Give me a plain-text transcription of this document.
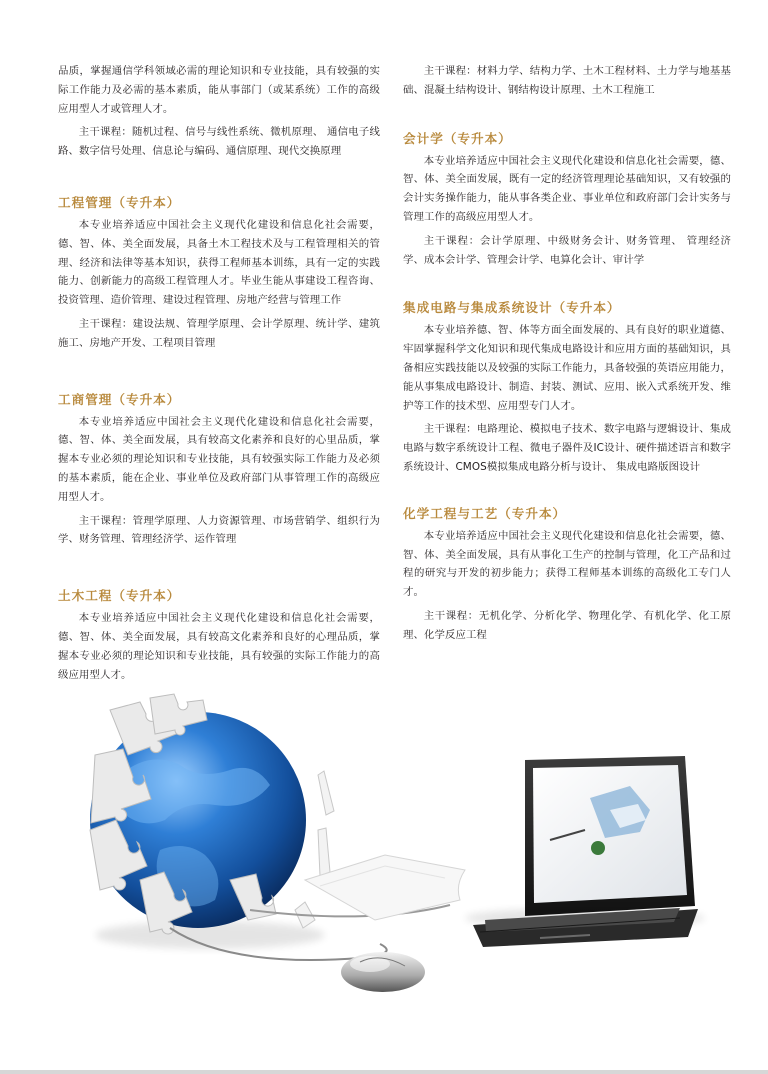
品质，掌握通信学科领域必需的理论知识和专业技能，具有较强的实际工作能力及必需的基本素质，能从事部门（或某系统）工作的高级应用型人才或管理人才。

主干课程：随机过程、信号与线性系统、微机原理、 通信电子线路、数字信号处理、信息论与编码、通信原理、现代交换原理

工程管理（专升本）

本专业培养适应中国社会主义现代化建设和信息化社会需要，德、智、体、美全面发展，具备土木工程技术及与工程管理相关的管理、经济和法律等基本知识，获得工程师基本训练，具有一定的实践能力、创新能力的高级工程管理人才。毕业生能从事建设工程咨询、投资管理、造价管理、建设过程管理、房地产经营与管理工作

主干课程：建设法规、管理学原理、会计学原理、统计学、建筑施工、房地产开发、工程项目管理

工商管理（专升本）

本专业培养适应中国社会主义现代化建设和信息化社会需要，德、智、体、美全面发展，具有较高文化素养和良好的心里品质，掌握本专业必须的理论知识和专业技能，具有较强实际工作能力及必须的基本素质，能在企业、事业单位及政府部门从事管理工作的高级应用型人才。

主干课程：管理学原理、人力资源管理、市场营销学、组织行为学、财务管理、管理经济学、运作管理

土木工程（专升本）

本专业培养适应中国社会主义现代化建设和信息化社会需要，德、智、体、美全面发展，具有较高文化素养和良好的心理品质，掌握本专业必须的理论知识和专业技能，具有较强的实际工作能力的高级应用型人才。

主干课程：材料力学、结构力学、土木工程材料、土力学与地基基础、混凝土结构设计、钢结构设计原理、土木工程施工

会计学（专升本）

本专业培养适应中国社会主义现代化建设和信息化社会需要，德、智、体、美全面发展，既有一定的经济管理理论基础知识，又有较强的会计实务操作能力，能从事各类企业、事业单位和政府部门会计实务与管理工作的高级应用型人才。

主干课程：会计学原理、中级财务会计、财务管理、 管理经济学、成本会计学、管理会计学、电算化会计、审计学

集成电路与集成系统设计（专升本）

本专业培养德、智、体等方面全面发展的、具有良好的职业道德、牢固掌握科学文化知识和现代集成电路设计和应用方面的基础知识，具备相应实践技能以及较强的实际工作能力，具备较强的英语应用能力，能从事集成电路设计、制造、封装、测试、应用、嵌入式系统开发、维护等工作的技术型、应用型专门人才。

主干课程：电路理论、模拟电子技术、数字电路与逻辑设计、集成电路与数字系统设计工程、微电子器件及IC设计、硬件描述语言和数字系统设计、CMOS模拟集成电路分析与设计、 集成电路版图设计

化学工程与工艺（专升本）

本专业培养适应中国社会主义现代化建设和信息化社会需要，德、智、体、美全面发展，具有从事化工生产的控制与管理，化工产品和过程的研究与开发的初步能力；获得工程师基本训练的高级化工专门人才。

主干课程：无机化学、分析化学、物理化学、有机化学、化工原理、化学反应工程
